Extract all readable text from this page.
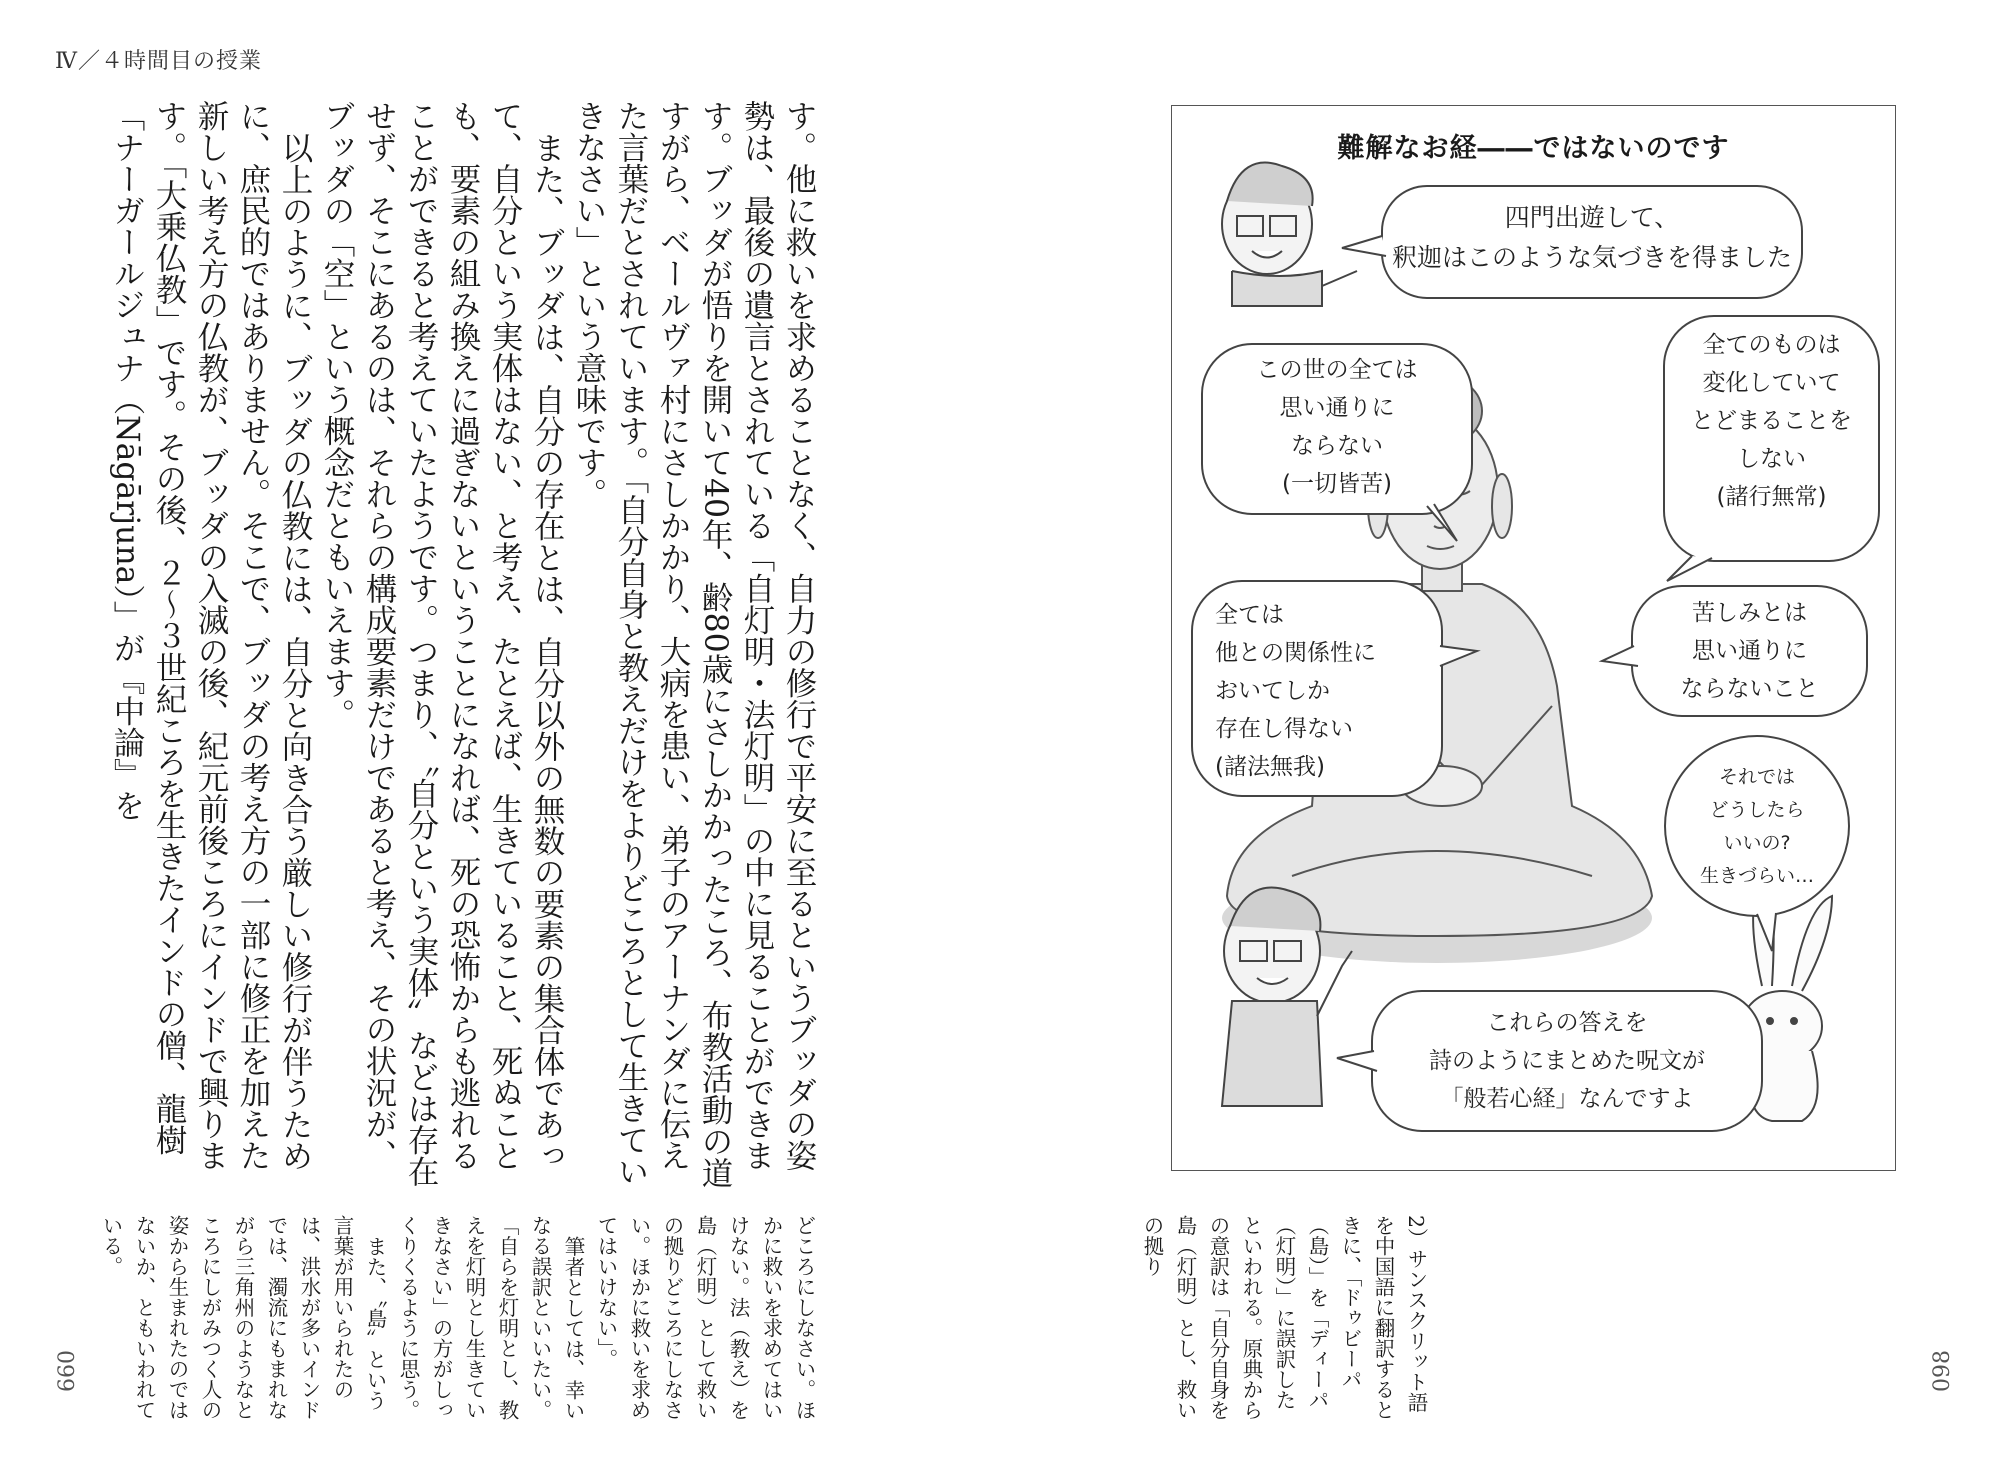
Ⅳ／４時間目の授業

す。他に救いを求めることなく、自力の修行で平安に至るというブッダの姿勢は、最後の遺言とされている「自灯明・法灯明」の中に見ることができます。ブッダが悟りを開いて40年、齢80歳にさしかかったころ、布教活動の道すがら、ベールヴァ村にさしかかり、大病を患い、弟子のアーナンダに伝えた言葉だとされています。「自分自身と教えだけをよりどころとして生きていきなさい」という意味です。

また、ブッダは、自分の存在とは、自分以外の無数の要素の集合体であって、自分という実体はない、と考え、たとえば、生きていること、死ぬことも、要素の組み換えに過ぎないということになれば、死の恐怖からも逃れることができると考えていたようです。つまり、〝自分という実体〟などは存在せず、そこにあるのは、それらの構成要素だけであると考え、その状況が、ブッダの「空」という概念だともいえます。

以上のように、ブッダの仏教には、自分と向き合う厳しい修行が伴うために、庶民的ではありません。そこで、ブッダの考え方の一部に修正を加えた新しい考え方の仏教が、ブッダの入滅の後、紀元前後ころにインドで興ります。「大乗仏教」です。その後、２〜３世紀ころを生きたインドの僧、龍樹「ナーガールジュナ（Nāgārjuna）」が『中論』を

どころにしなさい。ほかに救いを求めてはいけない。法（教え）を島（灯明）として救いの拠りどころにしなさい。ほかに救いを求めてはいけない」。

筆者としては、幸いなる誤訳といいたい。「自らを灯明とし、教えを灯明とし生きていきなさい」の方がしっくりくるように思う。

また、〝島〟という言葉が用いられたのは、洪水が多いインドでは、濁流にもまれながら三角州のようなところにしがみつく人の姿から生まれたのではないか、ともいわれている。	2）サンスクリット語を中国語に翻訳するときに、「ドゥビーパ（島）」を「ディーパ（灯明）」に誤訳したといわれる。原典からの意訳は「自分自身を島（灯明）とし、救いの拠り

660	098
難解なお経――ではないのです
四門出遊して、
釈迦はこのような気づきを得ました
この世の全ては
思い通りに
ならない
(一切皆苦)
全てのものは
変化していて
とどまることを
しない
(諸行無常)
全ては
他との関係性に
おいてしか
存在し得ない
(諸法無我)
苦しみとは
思い通りに
ならないこと
それでは
どうしたら
いいの?
生きづらい…
これらの答えを
詩のようにまとめた呪文が
「般若心経」なんですよ
